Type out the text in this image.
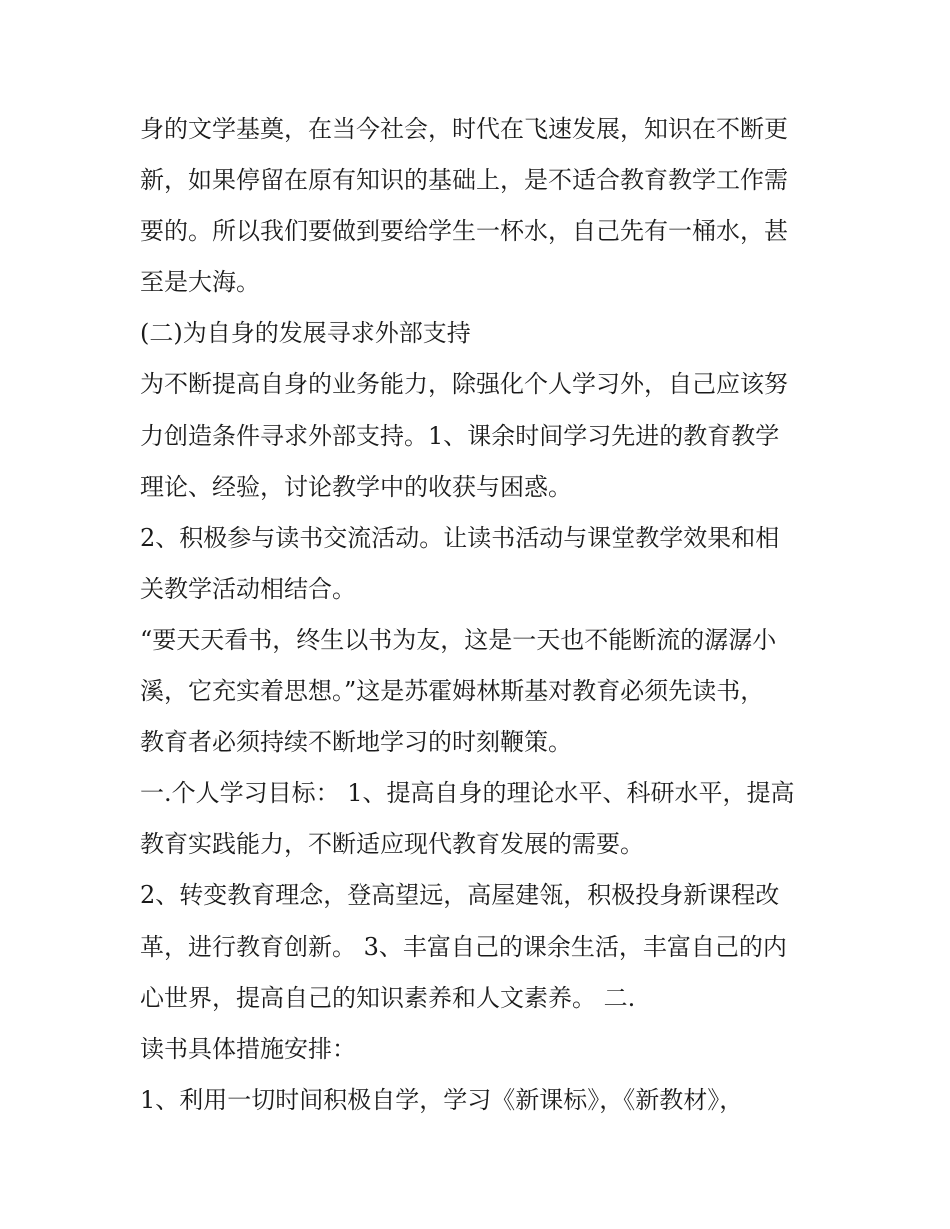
身的文学基奠，在当今社会，时代在飞速发展，知识在不断更
新，如果停留在原有知识的基础上，是不适合教育教学工作需
要的。所以我们要做到要给学生一杯水，自己先有一桶水，甚
至是大海。
(二)为自身的发展寻求外部支持
为不断提高自身的业务能力，除强化个人学习外，自己应该努
力创造条件寻求外部支持。1、课余时间学习先进的教育教学
理论、经验，讨论教学中的收获与困惑。
2、积极参与读书交流活动。让读书活动与课堂教学效果和相
关教学活动相结合。
“要天天看书，终生以书为友，这是一天也不能断流的潺潺小
溪，它充实着思想。”这是苏霍姆林斯基对教育必须先读书，
教育者必须持续不断地学习的时刻鞭策。
一.个人学习目标： 1、提高自身的理论水平、科研水平，提高
教育实践能力，不断适应现代教育发展的需要。
2、转变教育理念，登高望远，高屋建瓴，积极投身新课程改
革，进行教育创新。 3、丰富自己的课余生活，丰富自己的内
心世界，提高自己的知识素养和人文素养。 二.
读书具体措施安排：
1、利用一切时间积极自学，学习《新课标》，《新教材》，
